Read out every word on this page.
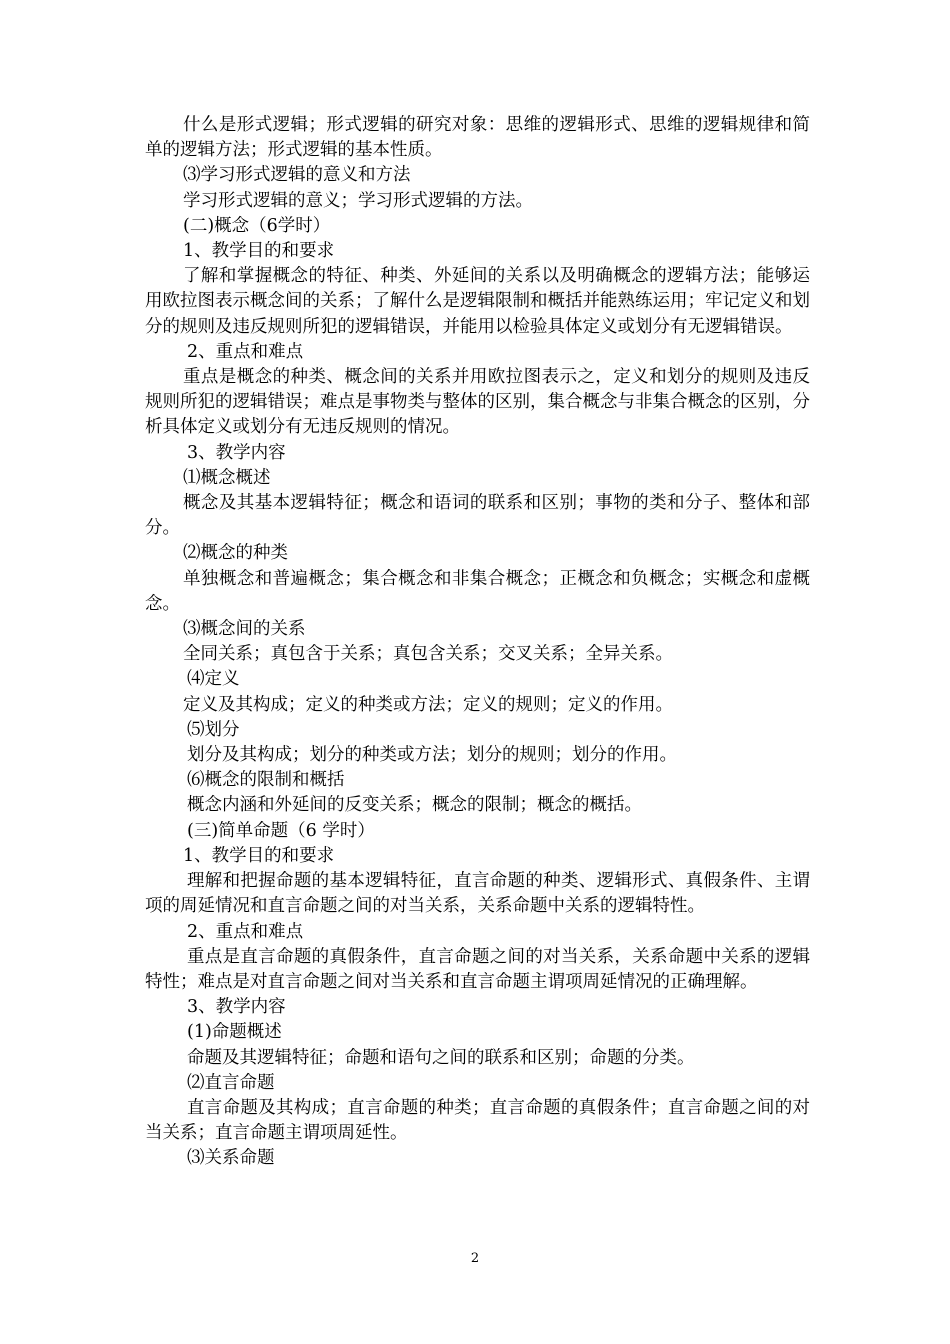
什么是形式逻辑；形式逻辑的研究对象：思维的逻辑形式、思维的逻辑规律和简单的逻辑方法；形式逻辑的基本性质。

⑶学习形式逻辑的意义和方法

学习形式逻辑的意义；学习形式逻辑的方法。

(二)概念（6学时）

1、教学目的和要求

了解和掌握概念的特征、种类、外延间的关系以及明确概念的逻辑方法；能够运用欧拉图表示概念间的关系；了解什么是逻辑限制和概括并能熟练运用；牢记定义和划分的规则及违反规则所犯的逻辑错误，并能用以检验具体定义或划分有无逻辑错误。

2、重点和难点

重点是概念的种类、概念间的关系并用欧拉图表示之，定义和划分的规则及违反规则所犯的逻辑错误；难点是事物类与整体的区别，集合概念与非集合概念的区别，分析具体定义或划分有无违反规则的情况。

3、教学内容

⑴概念概述

概念及其基本逻辑特征；概念和语词的联系和区别；事物的类和分子、整体和部分。

⑵概念的种类

单独概念和普遍概念；集合概念和非集合概念；正概念和负概念；实概念和虚概念。

⑶概念间的关系

全同关系；真包含于关系；真包含关系；交叉关系；全异关系。

⑷定义

定义及其构成；定义的种类或方法；定义的规则；定义的作用。

⑸划分

划分及其构成；划分的种类或方法；划分的规则；划分的作用。

⑹概念的限制和概括

概念内涵和外延间的反变关系；概念的限制；概念的概括。

(三)简单命题（6 学时）

1、教学目的和要求

理解和把握命题的基本逻辑特征，直言命题的种类、逻辑形式、真假条件、主谓项的周延情况和直言命题之间的对当关系，关系命题中关系的逻辑特性。

2、重点和难点

重点是直言命题的真假条件，直言命题之间的对当关系，关系命题中关系的逻辑特性；难点是对直言命题之间对当关系和直言命题主谓项周延情况的正确理解。

3、教学内容

(1)命题概述

命题及其逻辑特征；命题和语句之间的联系和区别；命题的分类。

⑵直言命题

直言命题及其构成；直言命题的种类；直言命题的真假条件；直言命题之间的对当关系；直言命题主谓项周延性。

⑶关系命题

2
